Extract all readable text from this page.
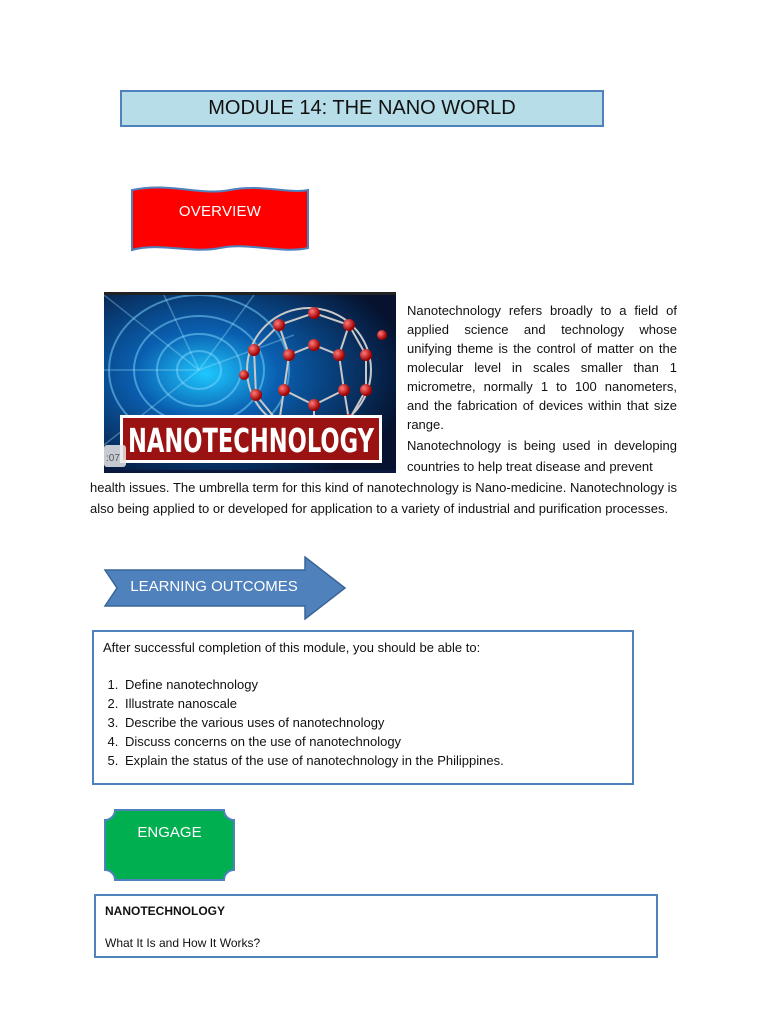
MODULE 14: THE NANO WORLD
OVERVIEW
NANOTECHNOLOGY
:07
Nanotechnology refers broadly to a field of applied science and technology whose unifying theme is the control of matter on the molecular level in scales smaller than 1 micrometre, normally 1 to 100 nanometers, and the fabrication of devices within that size range.
Nanotechnology is being used in developing countries to help treat disease and prevent
health issues. The umbrella term for this kind of nanotechnology is Nano-medicine. Nanotechnology is also being applied to or developed for application to a variety of industrial and purification processes.
LEARNING OUTCOMES

After successful completion of this module, you should be able to:

1. Define nanotechnology
2. Illustrate nanoscale
3. Describe the various uses of nanotechnology
4. Discuss concerns on the use of nanotechnology
5. Explain the status of the use of nanotechnology in the Philippines.
ENGAGE
NANOTECHNOLOGY
What It Is and How It Works?
